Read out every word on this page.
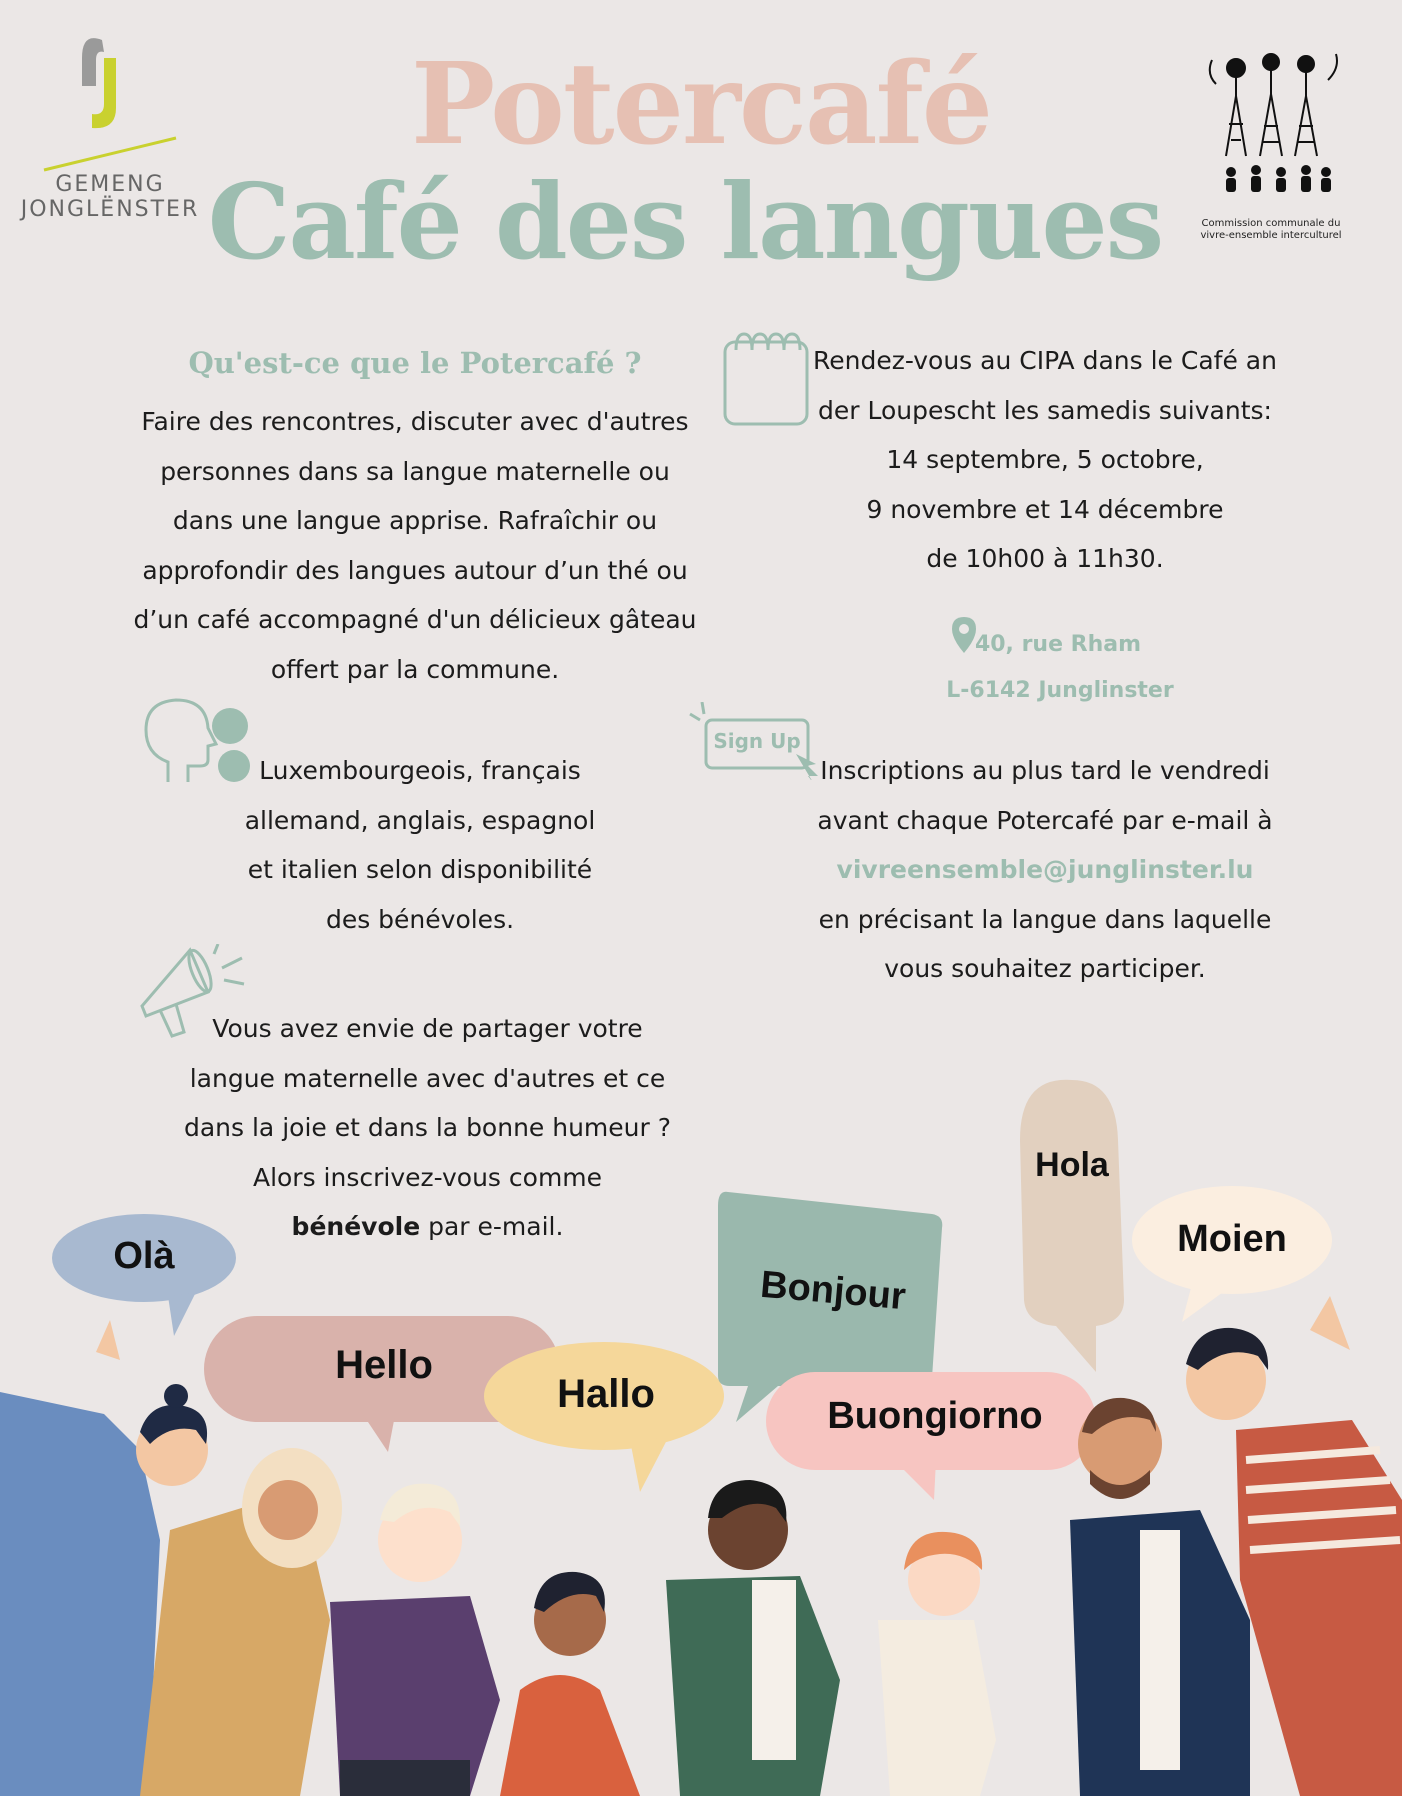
GEMENG
JONGLËNSTER
Commission communale du
vivre-ensemble interculturel
Potercafé
Café des langues
Qu'est-ce que le Potercafé ?
Faire des rencontres, discuter avec d'autres
personnes dans sa langue maternelle ou
dans une langue apprise. Rafraîchir ou
approfondir des langues autour d’un thé ou
d’un café accompagné d'un délicieux gâteau
offert par la commune.
Luxembourgeois, français
allemand, anglais, espagnol
et italien selon disponibilité
des bénévoles.
Vous avez envie de partager votre
langue maternelle avec d'autres et ce
dans la joie et dans la bonne humeur ?
Alors inscrivez-vous comme
bénévole par e-mail.
Rendez-vous au CIPA dans le Café an
der Loupescht les samedis suivants:
14 septembre, 5 octobre,
9 novembre et 14 décembre
de 10h00 à 11h30.
40, rue Rham
L-6142 Junglinster
Sign Up
Inscriptions au plus tard le vendredi
avant chaque Potercafé par e-mail à
vivreensemble@junglinster.lu
en précisant la langue dans laquelle
vous souhaitez participer.
Olà
Hello
Hallo
Bonjour
Buongiorno
Hola
Moien
